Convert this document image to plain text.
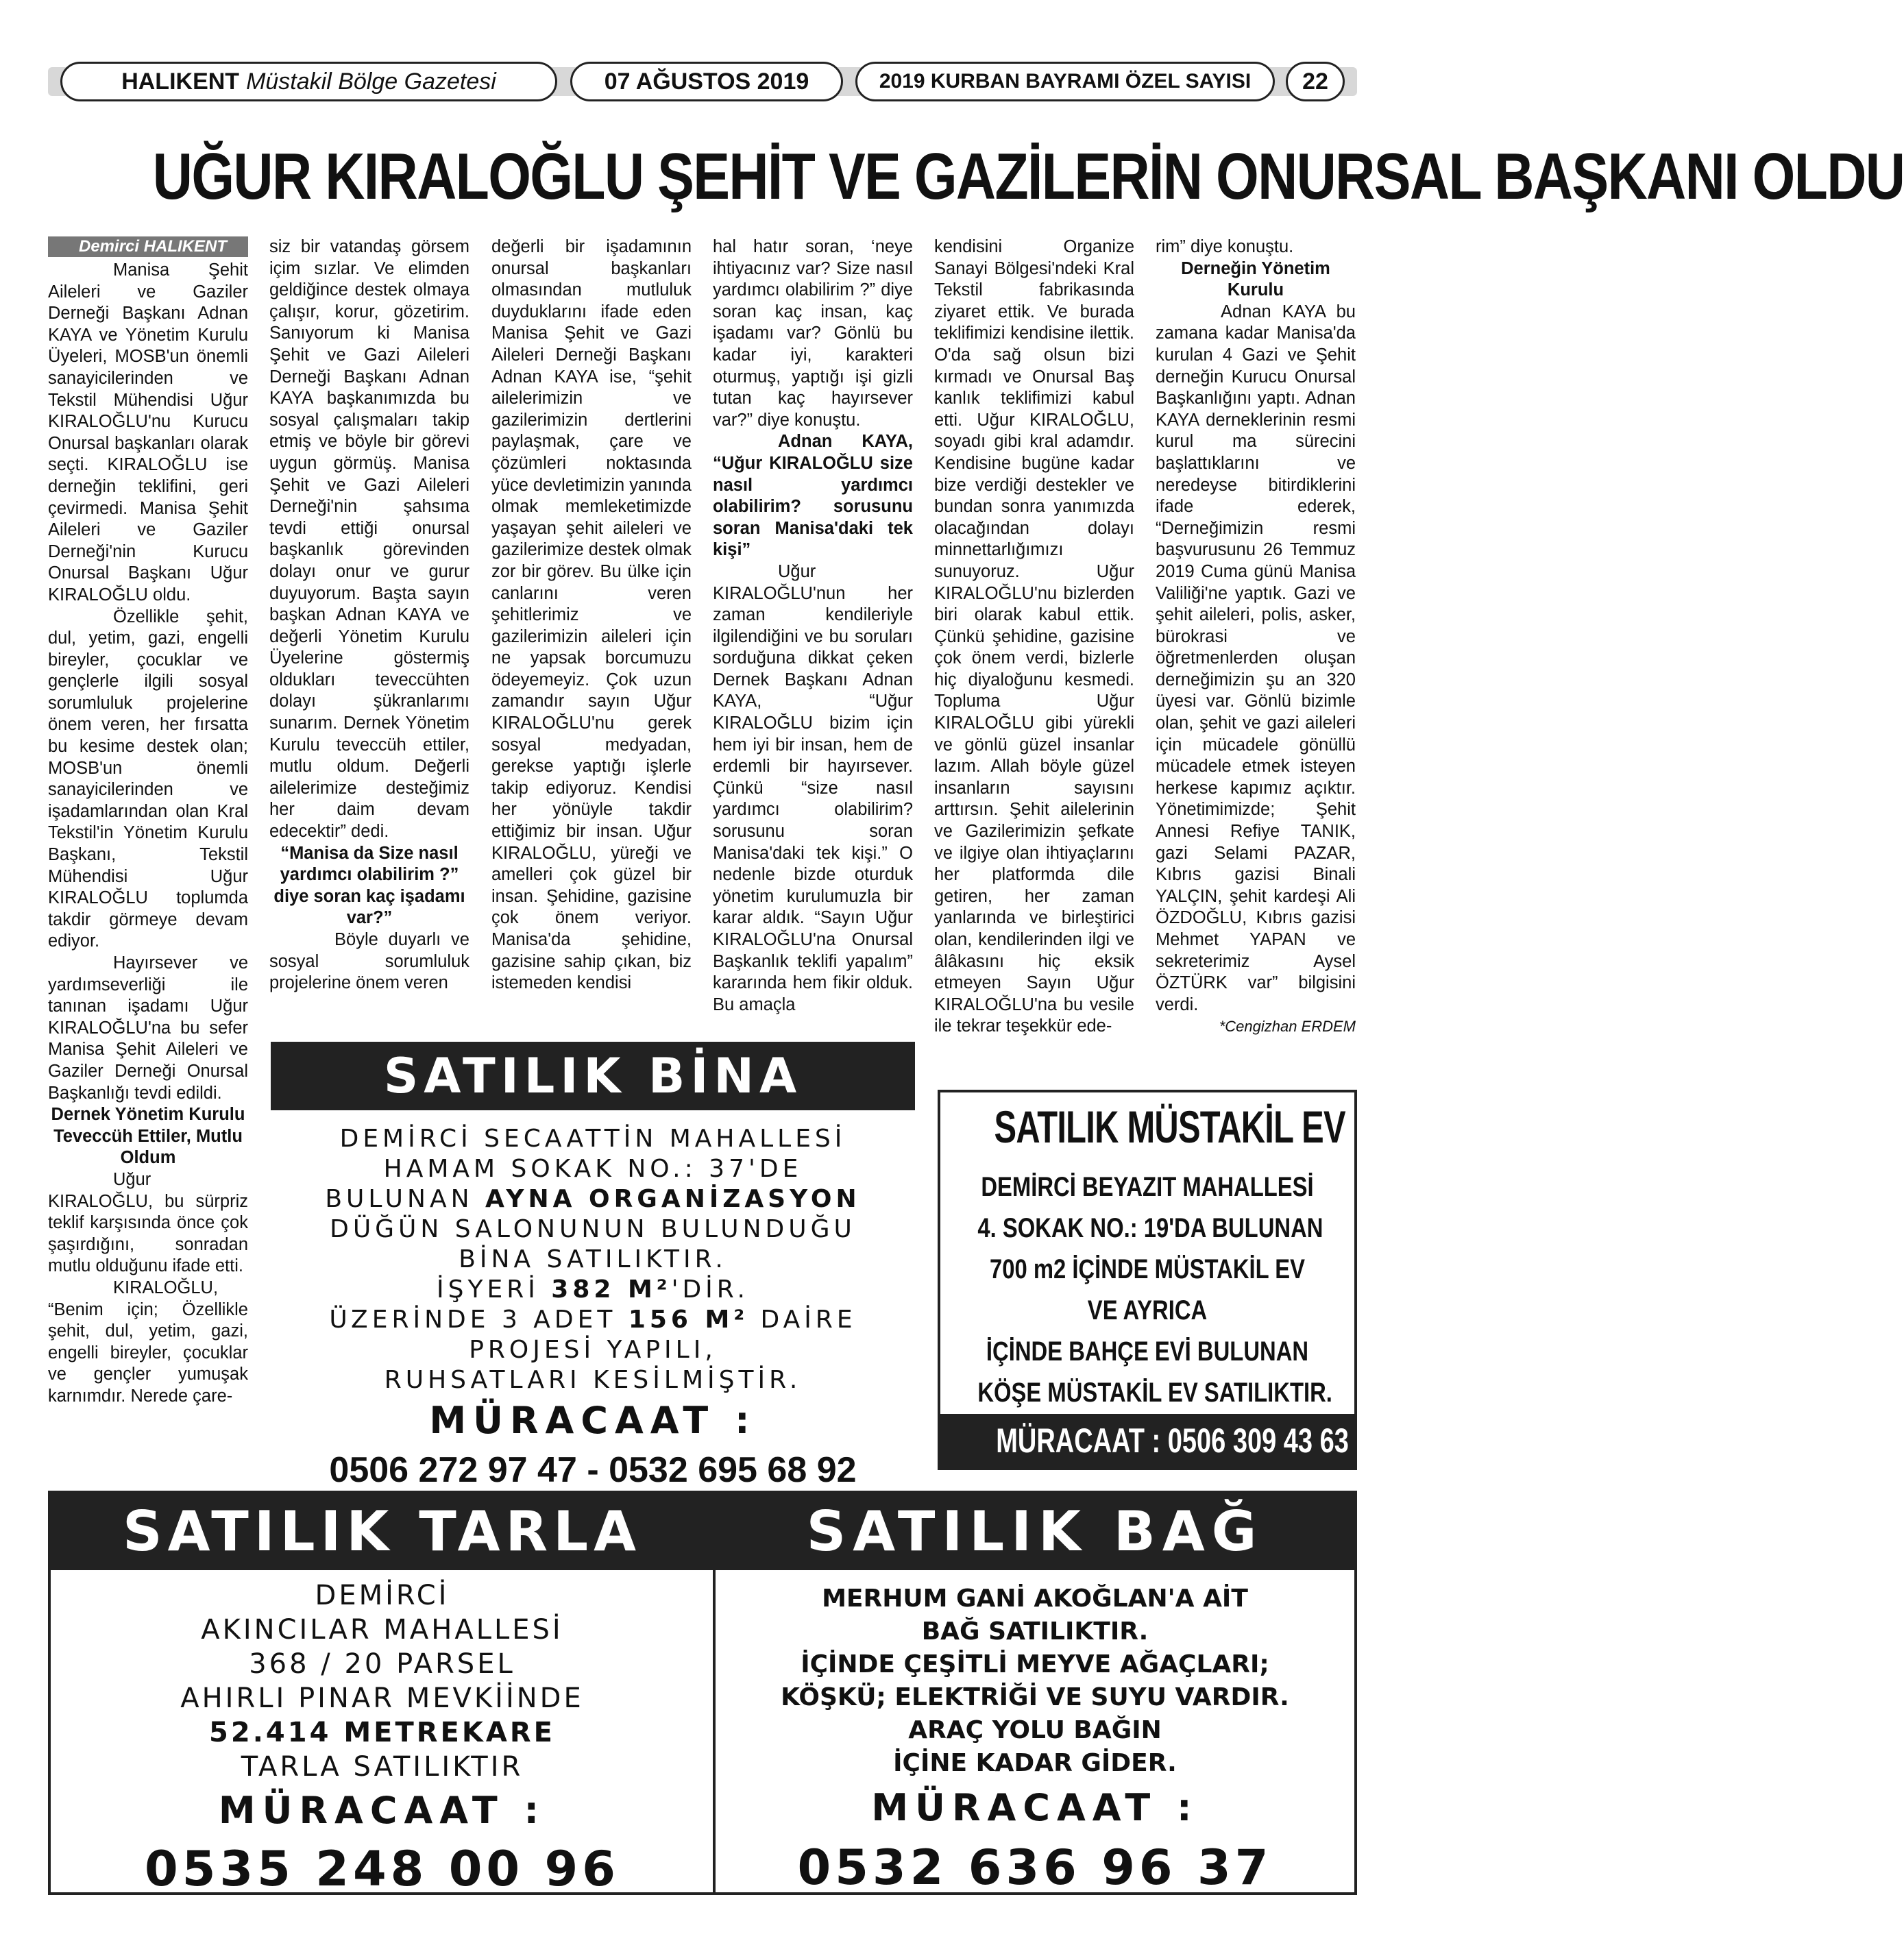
HALIKENT Müstakil Bölge Gazetesi	07 AĞUSTOS 2019	2019 KURBAN BAYRAMI ÖZEL SAYISI 22
UĞUR KIRALOĞLU ŞEHİT VE GAZİLERİN ONURSAL BAŞKANI OLDU
Demirci HALIKENT

Manisa Şehit Aileleri ve Gaziler Derneği Başkanı Adnan KAYA ve Yönetim Kurulu Üyeleri, MOSB'un önemli sanayicilerinden ve Tekstil Mühendisi Uğur KIRALOĞLU'nu Kurucu Onursal başkanları olarak seçti. KIRALOĞLU ise derneğin teklifini, geri çevirmedi. Manisa Şehit Aileleri ve Gaziler Derneği'nin Kurucu Onursal Başkanı Uğur KIRALOĞLU oldu.

Özellikle şehit, dul, yetim, gazi, engelli bireyler, çocuklar ve gençlerle ilgili sosyal sorumluluk projelerine önem veren, her fırsatta bu kesime destek olan; MOSB'un önemli sanayicilerinden ve işadamlarından olan Kral Tekstil'in Yönetim Kurulu Başkanı, Tekstil Mühendisi Uğur KIRALOĞLU toplumda takdir görmeye devam ediyor.

Hayırsever ve yardımseverliği ile tanınan işadamı Uğur KIRALOĞLU'na bu sefer Manisa Şehit Aileleri ve Gaziler Derneği Onursal Başkanlığı tevdi edildi.

Dernek Yönetim Kurulu Teveccüh Ettiler, Mutlu Oldum

Uğur KIRALOĞLU, bu sürpriz teklif karşısında önce çok şaşırdığını, sonradan mutlu olduğunu ifade etti.

KIRALOĞLU, “Benim için; Özellikle şehit, dul, yetim, gazi, engelli bireyler, çocuklar ve gençler yumuşak karnımdır. Nerede çare-

siz bir vatandaş görsem içim sızlar. Ve elimden geldiğince destek olmaya çalışır, korur, gözetirim. Sanıyorum ki Manisa Şehit ve Gazi Aileleri Derneği Başkanı Adnan KAYA başkanımızda bu sosyal çalışmaları takip etmiş ve böyle bir görevi uygun görmüş. Manisa Şehit ve Gazi Aileleri Derneği'nin şahsıma tevdi ettiği onursal başkanlık görevinden dolayı onur ve gurur duyuyorum. Başta sayın başkan Adnan KAYA ve değerli Yönetim Kurulu Üyelerine göstermiş oldukları teveccühten dolayı şükranlarımı sunarım. Dernek Yönetim Kurulu teveccüh ettiler, mutlu oldum. Değerli ailelerimize desteğimiz her daim devam edecektir” dedi.

“Manisa da Size nasıl yardımcı olabilirim ?” diye soran kaç işadamı var?”

Böyle duyarlı ve sosyal sorumluluk projelerine önem veren

değerli bir işadamının onursal başkanları olmasından mutluluk duyduklarını ifade eden Manisa Şehit ve Gazi Aileleri Derneği Başkanı Adnan KAYA ise, “şehit ailelerimizin ve gazilerimizin dertlerini paylaşmak, çare ve çözümleri noktasında yüce devletimizin yanında olmak memleketimizde yaşayan şehit aileleri ve gazilerimize destek olmak zor bir görev. Bu ülke için canlarını veren şehitlerimiz ve gazilerimizin aileleri için ne yapsak borcumuzu ödeyemeyiz. Çok uzun zamandır sayın Uğur KIRALOĞLU'nu gerek sosyal medyadan, gerekse yaptığı işlerle takip ediyoruz. Kendisi her yönüyle takdir ettiğimiz bir insan. Uğur KIRALOĞLU, yüreği ve amelleri çok güzel bir insan. Şehidine, gazisine çok önem veriyor. Manisa'da şehidine, gazisine sahip çıkan, biz istemeden kendisi

hal hatır soran, ‘neye ihtiyacınız var? Size nasıl yardımcı olabilirim ?” diye soran kaç insan, kaç işadamı var? Gönlü bu kadar iyi, karakteri oturmuş, yaptığı işi gizli tutan kaç hayırsever var?” diye konuştu.

Adnan KAYA, “Uğur KIRALOĞLU size nasıl yardımcı olabilirim? sorusunu soran Manisa'daki tek kişi”

Uğur KIRALOĞLU'nun her zaman kendileriyle ilgilendiğini ve bu soruları sorduğuna dikkat çeken Dernek Başkanı Adnan KAYA, “Uğur KIRALOĞLU bizim için hem iyi bir insan, hem de erdemli bir hayırsever. Çünkü “size nasıl yardımcı olabilirim? sorusunu soran Manisa'daki tek kişi.” O nedenle bizde oturduk yönetim kurulumuzla bir karar aldık. “Sayın Uğur KIRALOĞLU'na Onursal Başkanlık teklifi yapalım” kararında hem fikir olduk. Bu amaçla

kendisini Organize Sanayi Bölgesi'ndeki Kral Tekstil fabrikasında ziyaret ettik. Ve burada teklifimizi kendisine ilettik. O'da sağ olsun bizi kırmadı ve Onursal Baş kanlık teklifimizi kabul etti. Uğur KIRALOĞLU, soyadı gibi kral adamdır. Kendisine bugüne kadar bize verdiği destekler ve bundan sonra yanımızda olacağından dolayı minnettarlığımızı sunuyoruz. Uğur KIRALOĞLU'nu bizlerden biri olarak kabul ettik. Çünkü şehidine, gazisine çok önem verdi, bizlerle hiç diyaloğunu kesmedi. Topluma Uğur KIRALOĞLU gibi yürekli ve gönlü güzel insanlar lazım. Allah böyle güzel insanların sayısını arttırsın. Şehit ailelerinin ve Gazilerimizin şefkate ve ilgiye olan ihtiyaçlarını her platformda dile getiren, her zaman yanlarında ve birleştirici olan, kendilerinden ilgi ve âlâkasını hiç eksik etmeyen Sayın Uğur KIRALOĞLU'na bu vesile ile tekrar teşekkür ede-

rim” diye konuştu.

Derneğin Yönetim Kurulu

Adnan KAYA bu zamana kadar Manisa'da kurulan 4 Gazi ve Şehit derneğin Kurucu Onursal Başkanlığını yaptı. Adnan KAYA derneklerinin resmi kurul ma sürecini başlattıklarını ve neredeyse bitirdiklerini ifade ederek, “Derneğimizin resmi başvurusunu 26 Temmuz 2019 Cuma günü Manisa Valiliği'ne yaptık. Gazi ve şehit aileleri, polis, asker, bürokrasi ve öğretmenlerden oluşan derneğimizin şu an 320 üyesi var. Gönlü bizimle olan, şehit ve gazi aileleri için mücadele gönüllü mücadele etmek isteyen herkese kapımız açıktır. Yönetimimizde; Şehit Annesi Refiye TANIK, gazi Selami PAZAR, Kıbrıs gazisi Binali YALÇIN, şehit kardeşi Ali ÖZDOĞLU, Kıbrıs gazisi Mehmet YAPAN ve sekreterimiz Aysel ÖZTÜRK var” bilgisini verdi.

*Cengizhan ERDEM
SATILIK BİNA
DEMİRCİ SECAATTİN MAHALLESİ
HAMAM SOKAK NO.: 37'DE
BULUNAN AYNA ORGANİZASYON
DÜĞÜN SALONUNUN BULUNDUĞU
BİNA SATILIKTIR.
İŞYERİ 382 M²'DİR.
ÜZERİNDE 3 ADET 156 M² DAİRE
PROJESİ YAPILI,
RUHSATLARI KESİLMİŞTİR.
MÜRACAAT :
0506 272 97 47 - 0532 695 68 92
SATILIK MÜSTAKİL EV
DEMİRCİ BEYAZIT MAHALLESİ
4. SOKAK NO.: 19'DA BULUNAN
700 m2 İÇİNDE MÜSTAKİL EV
VE AYRICA
İÇİNDE BAHÇE EVİ BULUNAN
KÖŞE MÜSTAKİL EV SATILIKTIR.
MÜRACAAT : 0506 309 43 63
SATILIK TARLA
DEMİRCİ
AKINCILAR MAHALLESİ
368 / 20 PARSEL
AHIRLI PINAR MEVKİİNDE
52.414 METREKARE
TARLA SATILIKTIR
MÜRACAAT :
0535 248 00 96
SATILIK BAĞ
MERHUM GANİ AKOĞLAN'A AİT
BAĞ SATILIKTIR.
İÇİNDE ÇEŞİTLİ MEYVE AĞAÇLARI;
KÖŞKÜ; ELEKTRİĞİ VE SUYU VARDIR.
ARAÇ YOLU BAĞIN
İÇİNE KADAR GİDER.
MÜRACAAT :
0532 636 96 37
